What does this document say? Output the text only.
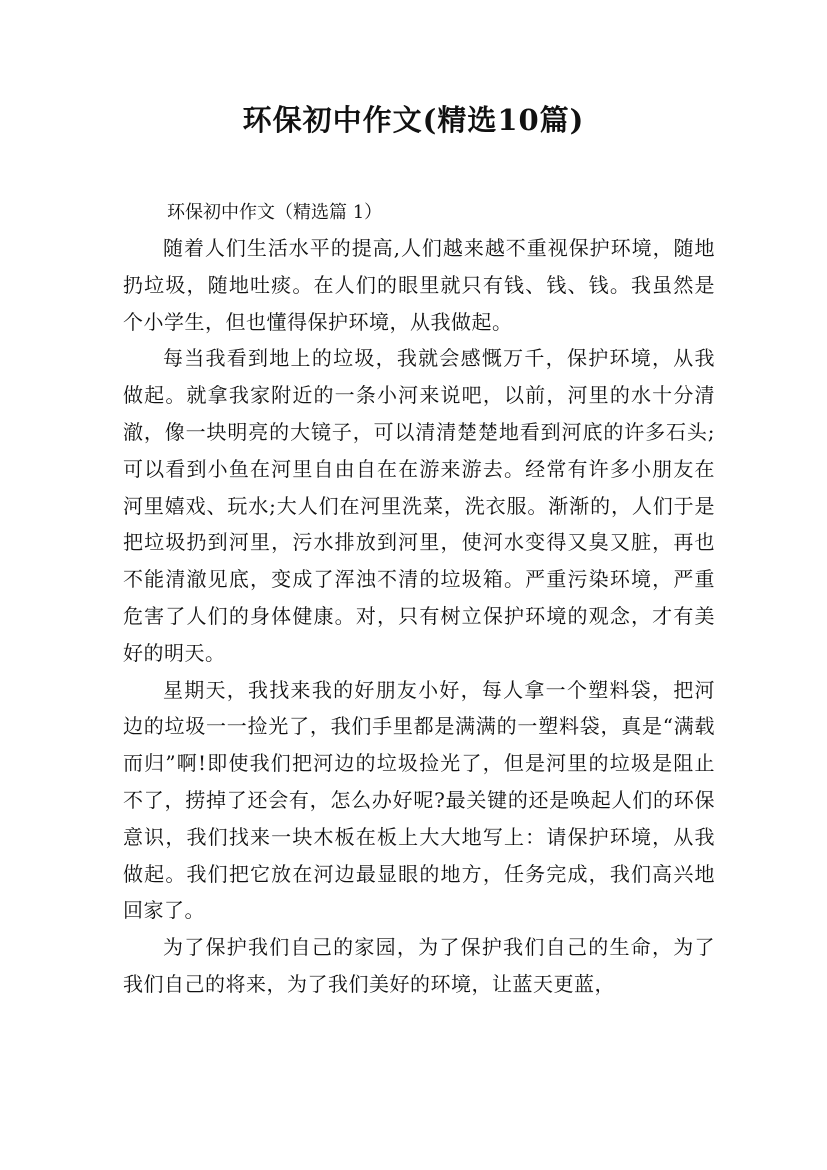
环保初中作文(精选10篇)

环保初中作文（精选篇 1）

随着人们生活水平的提高,人们越来越不重视保护环境，随地扔垃圾，随地吐痰。在人们的眼里就只有钱、钱、钱。我虽然是个小学生，但也懂得保护环境，从我做起。

每当我看到地上的垃圾，我就会感慨万千，保护环境，从我做起。就拿我家附近的一条小河来说吧，以前，河里的水十分清澈，像一块明亮的大镜子，可以清清楚楚地看到河底的许多石头;可以看到小鱼在河里自由自在在游来游去。经常有许多小朋友在河里嬉戏、玩水;大人们在河里洗菜，洗衣服。渐渐的，人们于是把垃圾扔到河里，污水排放到河里，使河水变得又臭又脏，再也不能清澈见底，变成了浑浊不清的垃圾箱。严重污染环境，严重危害了人们的身体健康。对，只有树立保护环境的观念，才有美好的明天。

星期天，我找来我的好朋友小好，每人拿一个塑料袋，把河边的垃圾一一捡光了，我们手里都是满满的一塑料袋，真是“满载而归”啊!即使我们把河边的垃圾捡光了，但是河里的垃圾是阻止不了，捞掉了还会有，怎么办好呢?最关键的还是唤起人们的环保意识，我们找来一块木板在板上大大地写上：请保护环境，从我做起。我们把它放在河边最显眼的地方，任务完成，我们高兴地回家了。

为了保护我们自己的家园，为了保护我们自己的生命，为了我们自己的将来，为了我们美好的环境，让蓝天更蓝，
